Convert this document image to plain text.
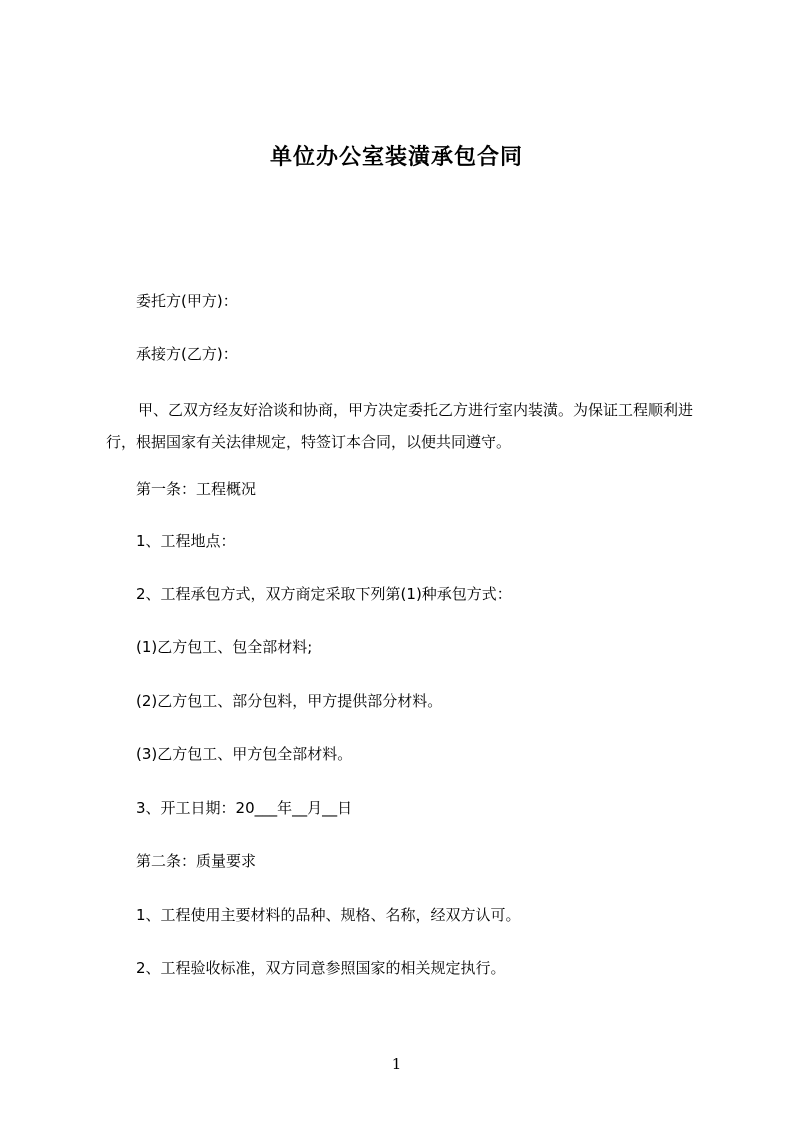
单位办公室装潢承包合同

委托方(甲方)：

承接方(乙方)：

甲、乙双方经友好洽谈和协商，甲方决定委托乙方进行室内装潢。为保证工程顺利进行，根据国家有关法律规定，特签订本合同，以便共同遵守。

第一条：工程概况

1、工程地点：

2、工程承包方式，双方商定采取下列第(1)种承包方式：

(1)乙方包工、包全部材料;

(2)乙方包工、部分包料，甲方提供部分材料。

(3)乙方包工、甲方包全部材料。

3、开工日期：20___年__月__日

第二条：质量要求

1、工程使用主要材料的品种、规格、名称，经双方认可。

2、工程验收标准，双方同意参照国家的相关规定执行。

1
